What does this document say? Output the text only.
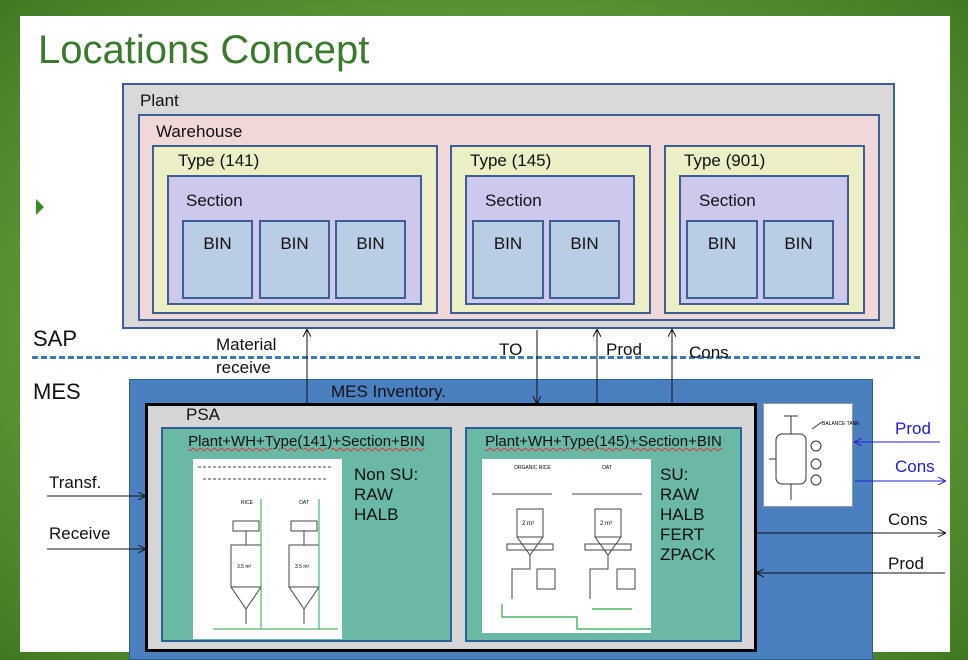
Locations Concept
Plant
Warehouse
Type (141)
Section
BIN	BIN	BIN
Type (145)
Section
BIN	BIN
Type (901)
Section
BIN	BIN
SAP
MES
Material
receive
TO	Prod	Cons
MES Inventory.
PSA
Plant+WH+Type(141)+Section+BIN
RICE	OAT
3.5 m³	3.5 m³
Non SU:
RAW
HALB
Plant+WH+Type(145)+Section+BIN
ORGANIC RICE	OAT
2 m³	2 m³
SU:
RAW
HALB
FERT
ZPACK
BALANCE TANK Prod
Cons
Cons
Prod
Transf.
Receive
